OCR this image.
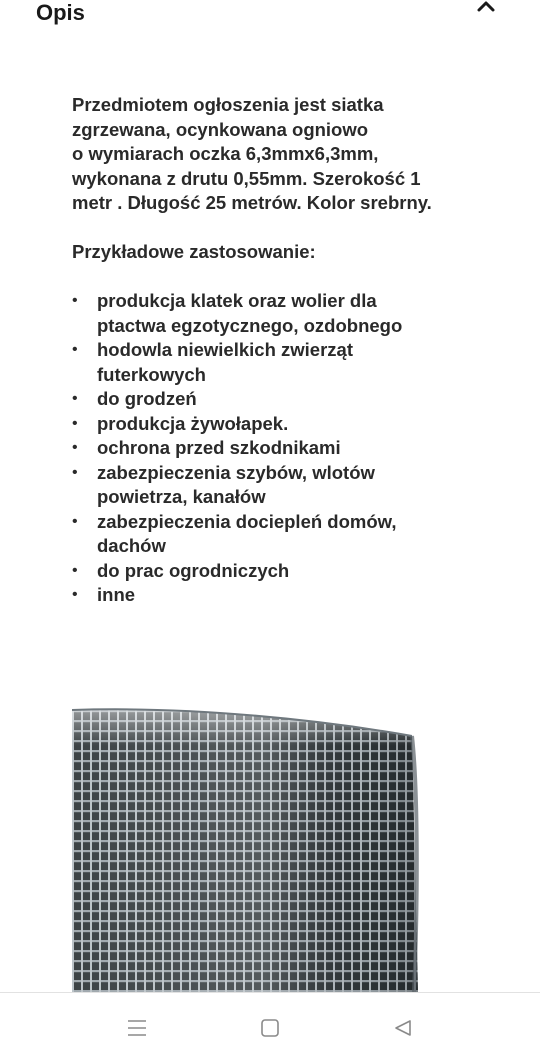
Opis

Przedmiotem ogłoszenia jest siatka
zgrzewana, ocynkowana ogniowo
o wymiarach oczka 6,3mmx6,3mm,
wykonana z drutu 0,55mm. Szerokość 1
metr . Długość 25 metrów. Kolor srebrny.

Przykładowe zastosowanie:

• produkcja klatek oraz wolier dla
ptactwa egzotycznego, ozdobnego
• hodowla niewielkich zwierząt
futerkowych
• do grodzeń
• produkcja żywołapek.
• ochrona przed szkodnikami
• zabezpieczenia szybów, wlotów
powietrza, kanałów
• zabezpieczenia dociepleń domów,
dachów
• do prac ogrodniczych
• inne
